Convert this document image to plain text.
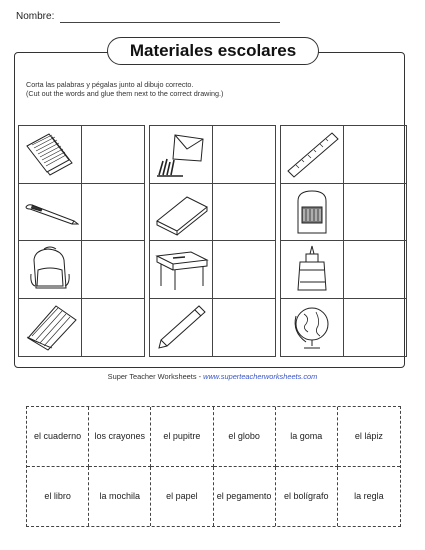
Nombre:
Materiales escolares
Corta las palabras y pégalas junto al dibujo correcto.
(Cut out the words and glue them next to the correct drawing.)
Super Teacher Worksheets - www.superteacherworksheets.com
el cuaderno	los crayones	el pupitre	el globo	la goma	el lápiz
el libro	la mochila	el papel	el pegamento	el bolígrafo	la regla
